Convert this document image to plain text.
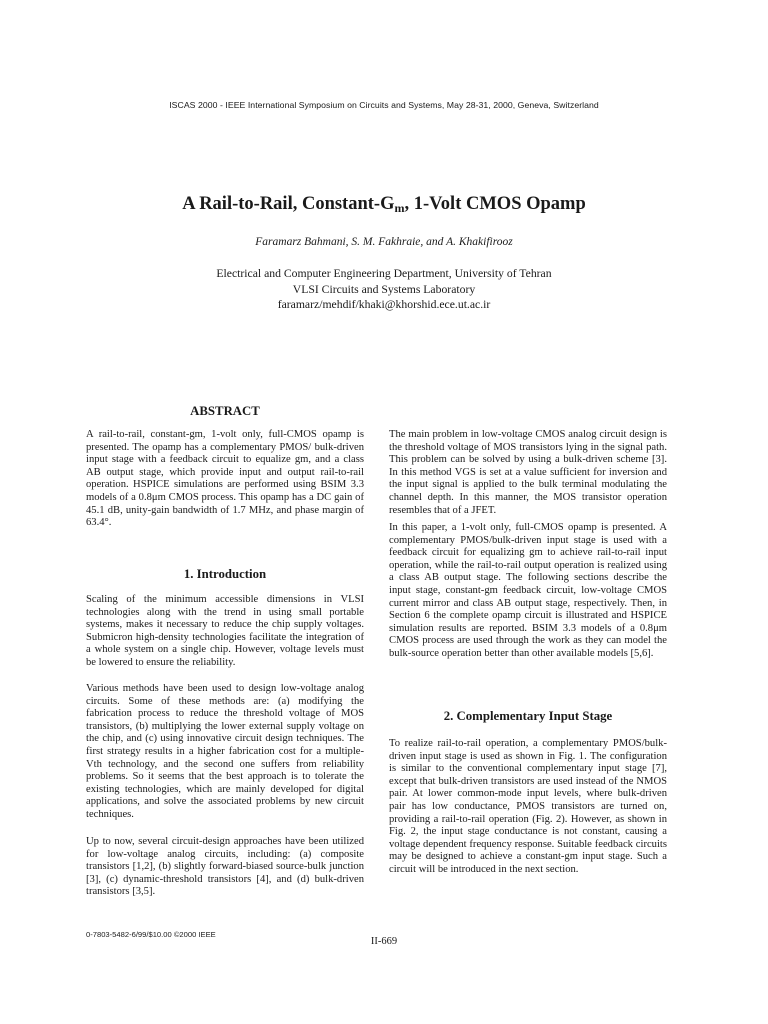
ISCAS 2000 - IEEE International Symposium on Circuits and Systems, May 28-31, 2000, Geneva, Switzerland
A Rail-to-Rail, Constant-$G_m$, 1-Volt CMOS Opamp
Faramarz Bahmani, S. M. Fakhraie, and A. Khakifirooz
Electrical and Computer Engineering Department, University of Tehran
VLSI Circuits and Systems Laboratory
faramarz/mehdif/khaki@khorshid.ece.ut.ac.ir
ABSTRACT

A rail-to-rail, constant-gm, 1-volt only, full-CMOS opamp is presented. The opamp has a complementary PMOS/ bulk-driven input stage with a feedback circuit to equalize gm, and a class AB output stage, which provide input and output rail-to-rail operation. HSPICE simulations are performed using BSIM 3.3 models of a 0.8μm CMOS process. This opamp has a DC gain of 45.1 dB, unity-gain bandwidth of 1.7 MHz, and phase margin of 63.4°.

1. Introduction

Scaling of the minimum accessible dimensions in VLSI technologies along with the trend in using small portable systems, makes it necessary to reduce the chip supply voltages. Submicron high-density technologies facilitate the integration of a whole system on a single chip. However, voltage levels must be lowered to ensure the reliability.

Various methods have been used to design low-voltage analog circuits. Some of these methods are: (a) modifying the fabrication process to reduce the threshold voltage of MOS transistors, (b) multiplying the lower external supply voltage on the chip, and (c) using innovative circuit design techniques. The first strategy results in a higher fabrication cost for a multiple-Vth technology, and the second one suffers from reliability problems. So it seems that the best approach is to tolerate the existing technologies, which are mainly developed for digital applications, and solve the associated problems by new circuit techniques.

Up to now, several circuit-design approaches have been utilized for low-voltage analog circuits, including: (a) composite transistors [1,2], (b) slightly forward-biased source-bulk junction [3], (c) dynamic-threshold transistors [4], and (d) bulk-driven transistors [3,5].

The main problem in low-voltage CMOS analog circuit design is the threshold voltage of MOS transistors lying in the signal path. This problem can be solved by using a bulk-driven scheme [3]. In this method VGS is set at a value sufficient for inversion and the input signal is applied to the bulk terminal modulating the channel depth. In this manner, the MOS transistor operation resembles that of a JFET.

In this paper, a 1-volt only, full-CMOS opamp is presented. A complementary PMOS/bulk-driven input stage is used with a feedback circuit for equalizing gm to achieve rail-to-rail input operation, while the rail-to-rail output operation is realized using a class AB output stage. The following sections describe the input stage, constant-gm feedback circuit, low-voltage CMOS current mirror and class AB output stage, respectively. Then, in Section 6 the complete opamp circuit is illustrated and HSPICE simulation results are reported. BSIM 3.3 models of a 0.8μm CMOS process are used through the work as they can model the bulk-source operation better than other available models [5,6].

2. Complementary Input Stage

To realize rail-to-rail operation, a complementary PMOS/bulk-driven input stage is used as shown in Fig. 1. The configuration is similar to the conventional complementary input stage [7], except that bulk-driven transistors are used instead of the NMOS pair. At lower common-mode input levels, where bulk-driven pair has low conductance, PMOS transistors are turned on, providing a rail-to-rail operation (Fig. 2). However, as shown in Fig. 2, the input stage conductance is not constant, causing a voltage dependent frequency response. Suitable feedback circuits may be designed to achieve a constant-gm input stage. Such a circuit will be introduced in the next section.

0-7803-5482-6/99/$10.00 ©2000 IEEE
II-669
